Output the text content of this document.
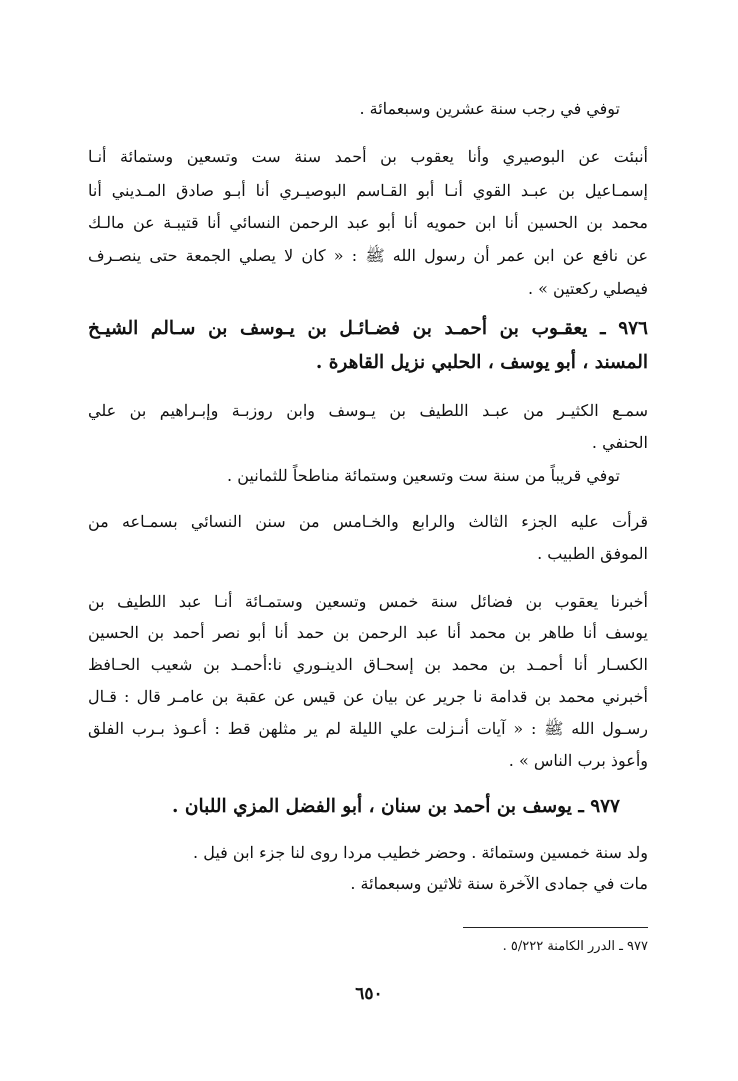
توفي في رجب سنة عشرين وسبعمائة .
أنبئت عن البوصيري وأنا يعقوب بن أحمد سنة ست وتسعين وستمائة أنـا
إسمـاعيل بن عبـد القوي أنـا أبو القـاسم البوصيـري أنا أبـو صادق المـديني أنا
محمد بن الحسين أنا ابن حمويه أنا أبو عبد الرحمن النسائي أنا قتيبـة عن مالـك
عن نافع عن ابن عمر أن رسول الله ﷺ : « كان لا يصلي الجمعة حتى ينصـرف
فيصلي ركعتين » .
٩٧٦ ـ يعقـوب بن أحمـد بن فضـائـل بن يـوسف بن سـالم الشيـخ
المسند ، أبو يوسف ، الحلبي نزيل القاهرة .
سمـع الكثيـر من عبـد اللطيف بن يـوسف وابن روزبـة وإبـراهيم بن علي
الحنفي .
توفي قريباً من سنة ست وتسعين وستمائة مناطحاً للثمانين .
قرأت عليه الجزء الثالث والرابع والخـامس من سنن النسائي بسمـاعه من
الموفق الطبيب .
أخبرنا يعقوب بن فضائل سنة خمس وتسعين وستمـائة أنـا عبد اللطيف بن
يوسف أنا طاهر بن محمد أنا عبد الرحمن بن حمد أنا أبو نصر أحمد بن الحسين
الكسـار أنا أحمـد بن محمد بن إسحـاق الدينـوري نا:أحمـد بن شعيب الحـافظ
أخبرني محمد بن قدامة نا جرير عن بيان عن قيس عن عقبة بن عامـر قال : قـال
رسـول الله ﷺ : « آيات أنـزلت علي الليلة لم ير مثلهن قط : أعـوذ بـرب الفلق
وأعوذ برب الناس » .
٩٧٧ ـ يوسف بن أحمد بن سنان ، أبو الفضل المزي اللبان .
ولد سنة خمسين وستمائة . وحضر خطيب مردا روى لنا جزء ابن فيل .
مات في جمادى الآخرة سنة ثلاثين وسبعمائة .
٩٧٧ ـ الدرر الكامنة ٥/٢٢٢ .
٦٥٠
